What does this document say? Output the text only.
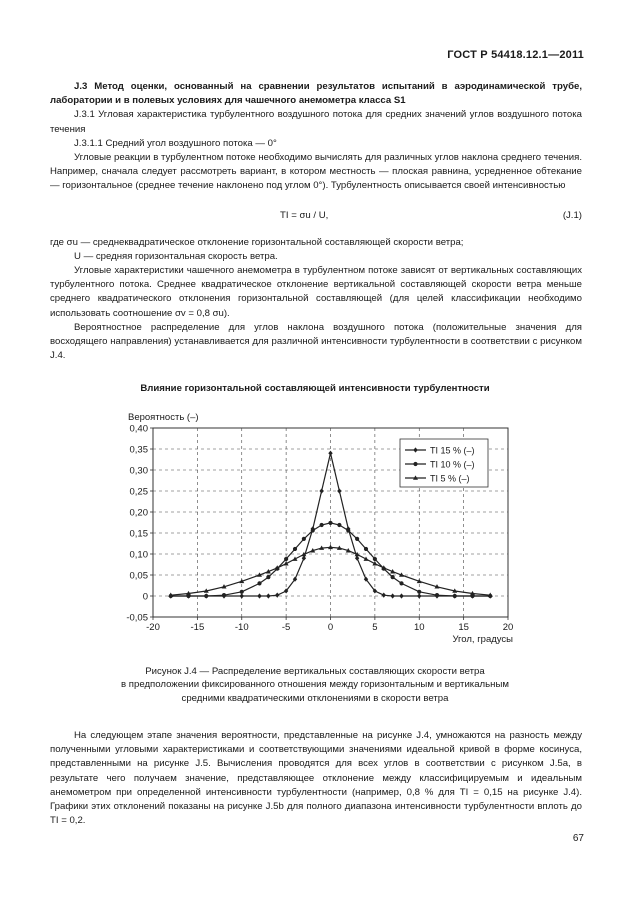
ГОСТ Р 54418.12.1—2011

J.3 Метод оценки, основанный на сравнении результатов испытаний в аэродинамической трубе, лаборатории и в полевых условиях для чашечного анемометра класса S1

J.3.1 Угловая характеристика турбулентного воздушного потока для средних значений углов воздушного потока течения

J.3.1.1 Средний угол воздушного потока — 0°

Угловые реакции в турбулентном потоке необходимо вычислять для различных углов наклона среднего течения. Например, сначала следует рассмотреть вариант, в котором местность — плоская равнина, усредненное обтекание — горизонтальное (среднее течение наклонено под углом 0°). Турбулентность описывается своей интенсивностью

TI = σu / U,	(J.1)

где σu — среднеквадратическое отклонение горизонтальной составляющей скорости ветра;

U — средняя горизонтальная скорость ветра.

Угловые характеристики чашечного анемометра в турбулентном потоке зависят от вертикальных составляющих турбулентного потока. Среднее квадратическое отклонение вертикальной составляющей скорости ветра меньше среднего квадратического отклонения горизонтальной составляющей (для целей классификации необходимо использовать соотношение σv = 0,8 σu).

Вероятностное распределение для углов наклона воздушного потока (положительные значения для восходящего направления) устанавливается для различной интенсивности турбулентности в соответствии с рисунком J.4.

Влияние горизонтальной составляющей интенсивности турбулентности
-0,05
0
0,05
0,10
0,15
0,20
0,25
0,30
0,35
0,40
-20	-15	-10	-5	0	5	10	15	20
Вероятность (–)
Угол, градусы
TI 15 % (–)
TI 10 % (–)
TI 5 % (–)
Рисунок J.4 — Распределение вертикальных составляющих скорости ветра
в предположении фиксированного отношения между горизонтальным и вертикальным
средними квадратическими отклонениями в скорости ветра

На следующем этапе значения вероятности, представленные на рисунке J.4, умножаются на разность между полученными угловыми характеристиками и соответствующими значениями идеальной кривой в форме косинуса, представленными на рисунке J.5. Вычисления проводятся для всех углов в соответствии с рисунком J.5а, в результате чего получаем значение, представляющее отклонение между классифицируемым и идеальным анемометром при определенной интенсивности турбулентности (например, 0,8 % для TI = 0,15 на рисунке J.4). Графики этих отклонений показаны на рисунке J.5b для полного диапазона интенсивности турбулентности вплоть до TI = 0,2.

67
